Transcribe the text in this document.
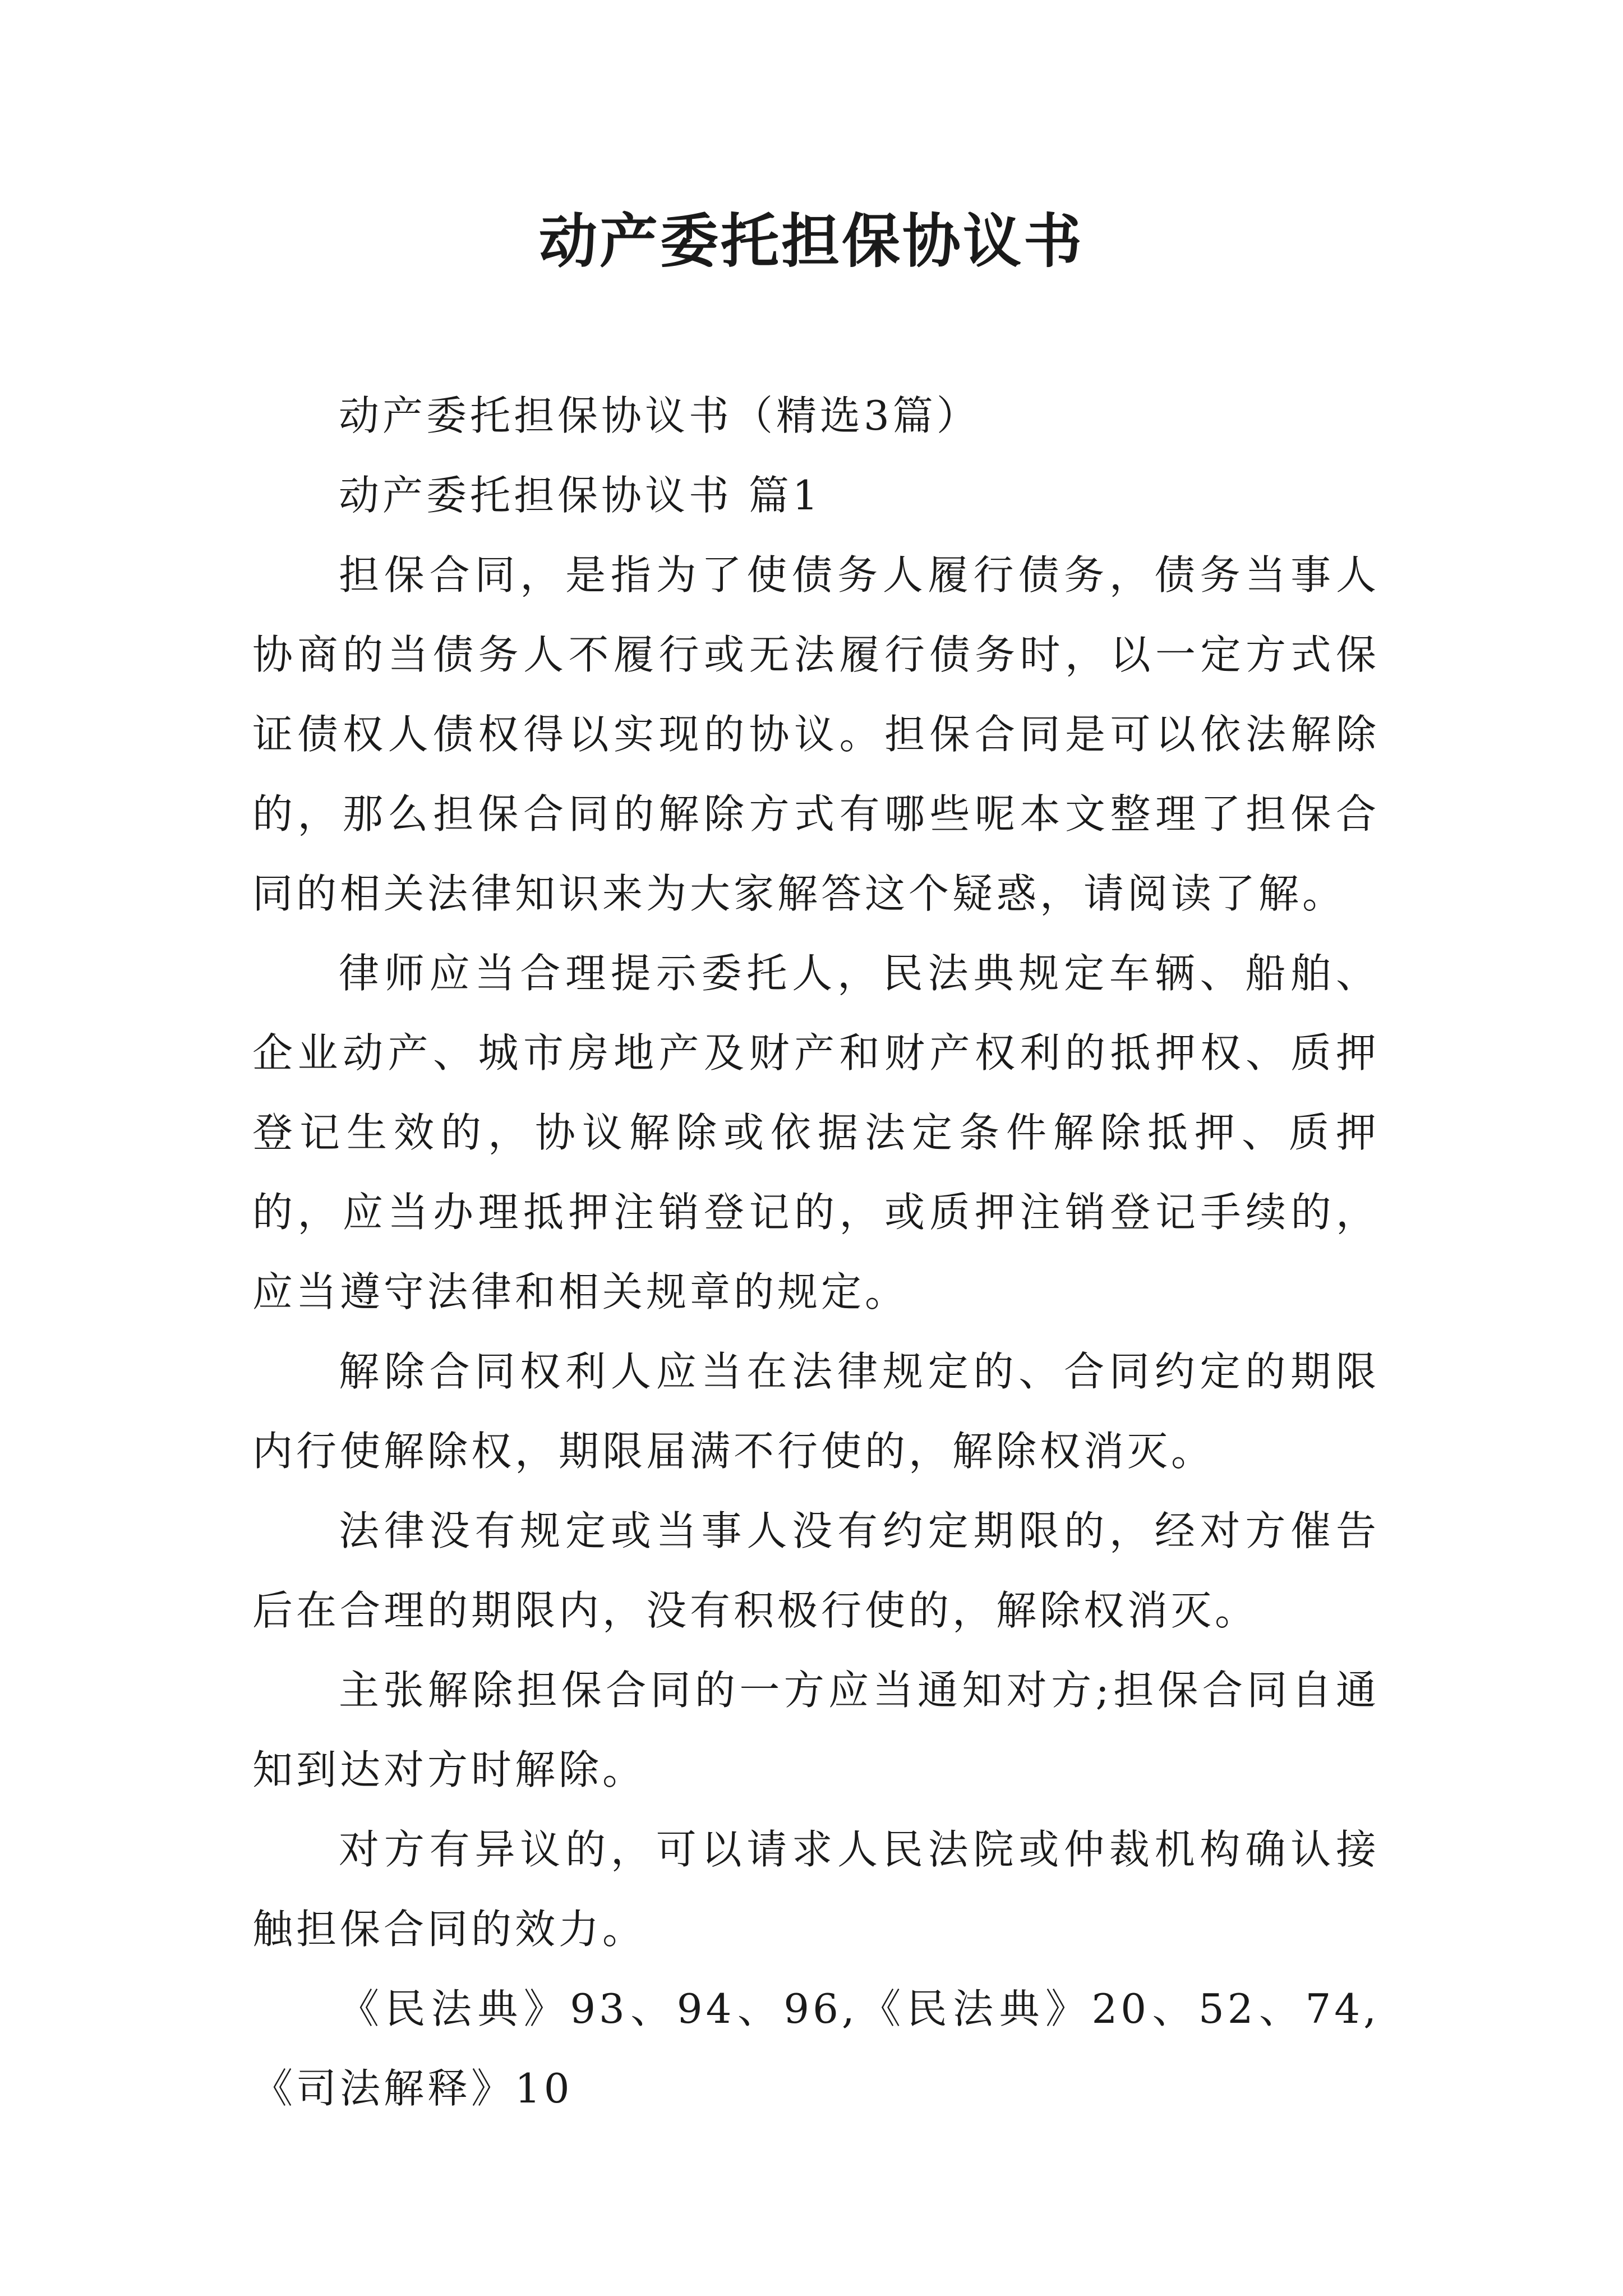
动产委托担保协议书

动产委托担保协议书（精选3篇）

动产委托担保协议书 篇1

担保合同，是指为了使债务人履行债务，债务当事人协商的当债务人不履行或无法履行债务时，以一定方式保证债权人债权得以实现的协议。担保合同是可以依法解除的，那么担保合同的解除方式有哪些呢本文整理了担保合同的相关法律知识来为大家解答这个疑惑，请阅读了解。

律师应当合理提示委托人，民法典规定车辆、船舶、企业动产、城市房地产及财产和财产权利的抵押权、质押登记生效的，协议解除或依据法定条件解除抵押、质押的，应当办理抵押注销登记的，或质押注销登记手续的，应当遵守法律和相关规章的规定。

解除合同权利人应当在法律规定的、合同约定的期限内行使解除权，期限届满不行使的，解除权消灭。

法律没有规定或当事人没有约定期限的，经对方催告后在合理的期限内，没有积极行使的，解除权消灭。

主张解除担保合同的一方应当通知对方;担保合同自通知到达对方时解除。

对方有异议的，可以请求人民法院或仲裁机构确认接触担保合同的效力。

《民法典》93、94、96,《民法典》20、52、74,《司法解释》10
